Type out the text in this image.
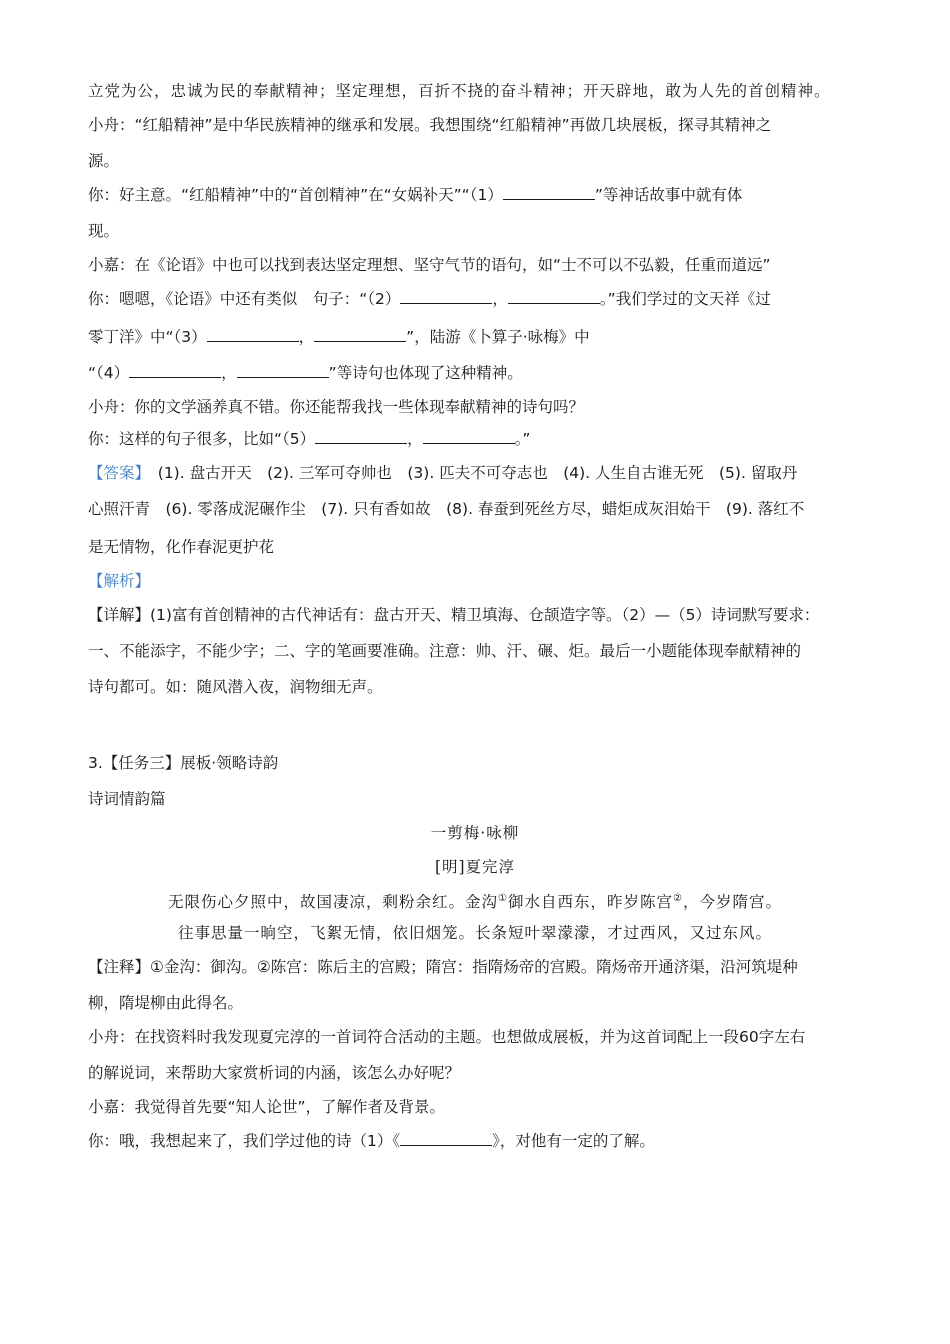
立党为公，忠诚为民的奉献精神；坚定理想，百折不挠的奋斗精神；开天辟地，敢为人先的首创精神。
小舟：“红船精神”是中华民族精神的继承和发展。我想围绕“红船精神”再做几块展板，探寻其精神之
源。
你：好主意。“红船精神”中的“首创精神”在“女娲补天”“（1）	”等神话故事中就有体
现。
小嘉：在《论语》中也可以找到表达坚定理想、坚守气节的语句，如“士不可以不弘毅，任重而道远”
你：嗯嗯，《论语》中还有类似　句子：“（2）	，	。”我们学过的文天祥《过
零丁洋》中“（3）	，	”，陆游《卜算子·咏梅》中
“（4）	，	”等诗句也体现了这种精神。
小舟：你的文学涵养真不错。你还能帮我找一些体现奉献精神的诗句吗？
你：这样的句子很多，比如“（5）	，	。”
【答案】　(1). 盘古开天　(2). 三军可夺帅也　(3). 匹夫不可夺志也　(4). 人生自古谁无死　(5). 留取丹
心照汗青　(6). 零落成泥碾作尘　(7). 只有香如故　(8). 春蚕到死丝方尽，蜡炬成灰泪始干　(9). 落红不
是无情物，化作春泥更护花
【解析】
【详解】(1)富有首创精神的古代神话有：盘古开天、精卫填海、仓颉造字等。（2）—（5）诗词默写要求：
一、不能添字，不能少字；二、字的笔画要准确。注意：帅、汗、碾、炬。最后一小题能体现奉献精神的
诗句都可。如：随风潜入夜，润物细无声。
3.【任务三】展板·领略诗韵
诗词情韵篇
一剪梅·咏柳
[明]夏完淳
无限伤心夕照中，故国凄凉，剩粉余红。金沟①御水自西东，昨岁陈宫②，今岁隋宫。
往事思量一晌空，飞絮无情，依旧烟笼。长条短叶翠濛濛，才过西风，又过东风。
【注释】①金沟：御沟。②陈宫：陈后主的宫殿；隋宫：指隋炀帝的宫殿。隋炀帝开通济渠，沿河筑堤种
柳，隋堤柳由此得名。
小舟：在找资料时我发现夏完淳的一首词符合活动的主题。也想做成展板，并为这首词配上一段60字左右
的解说词，来帮助大家赏析词的内涵，该怎么办好呢？
小嘉：我觉得首先要“知人论世”，了解作者及背景。
你：哦，我想起来了，我们学过他的诗（1）《	》，对他有一定的了解。
